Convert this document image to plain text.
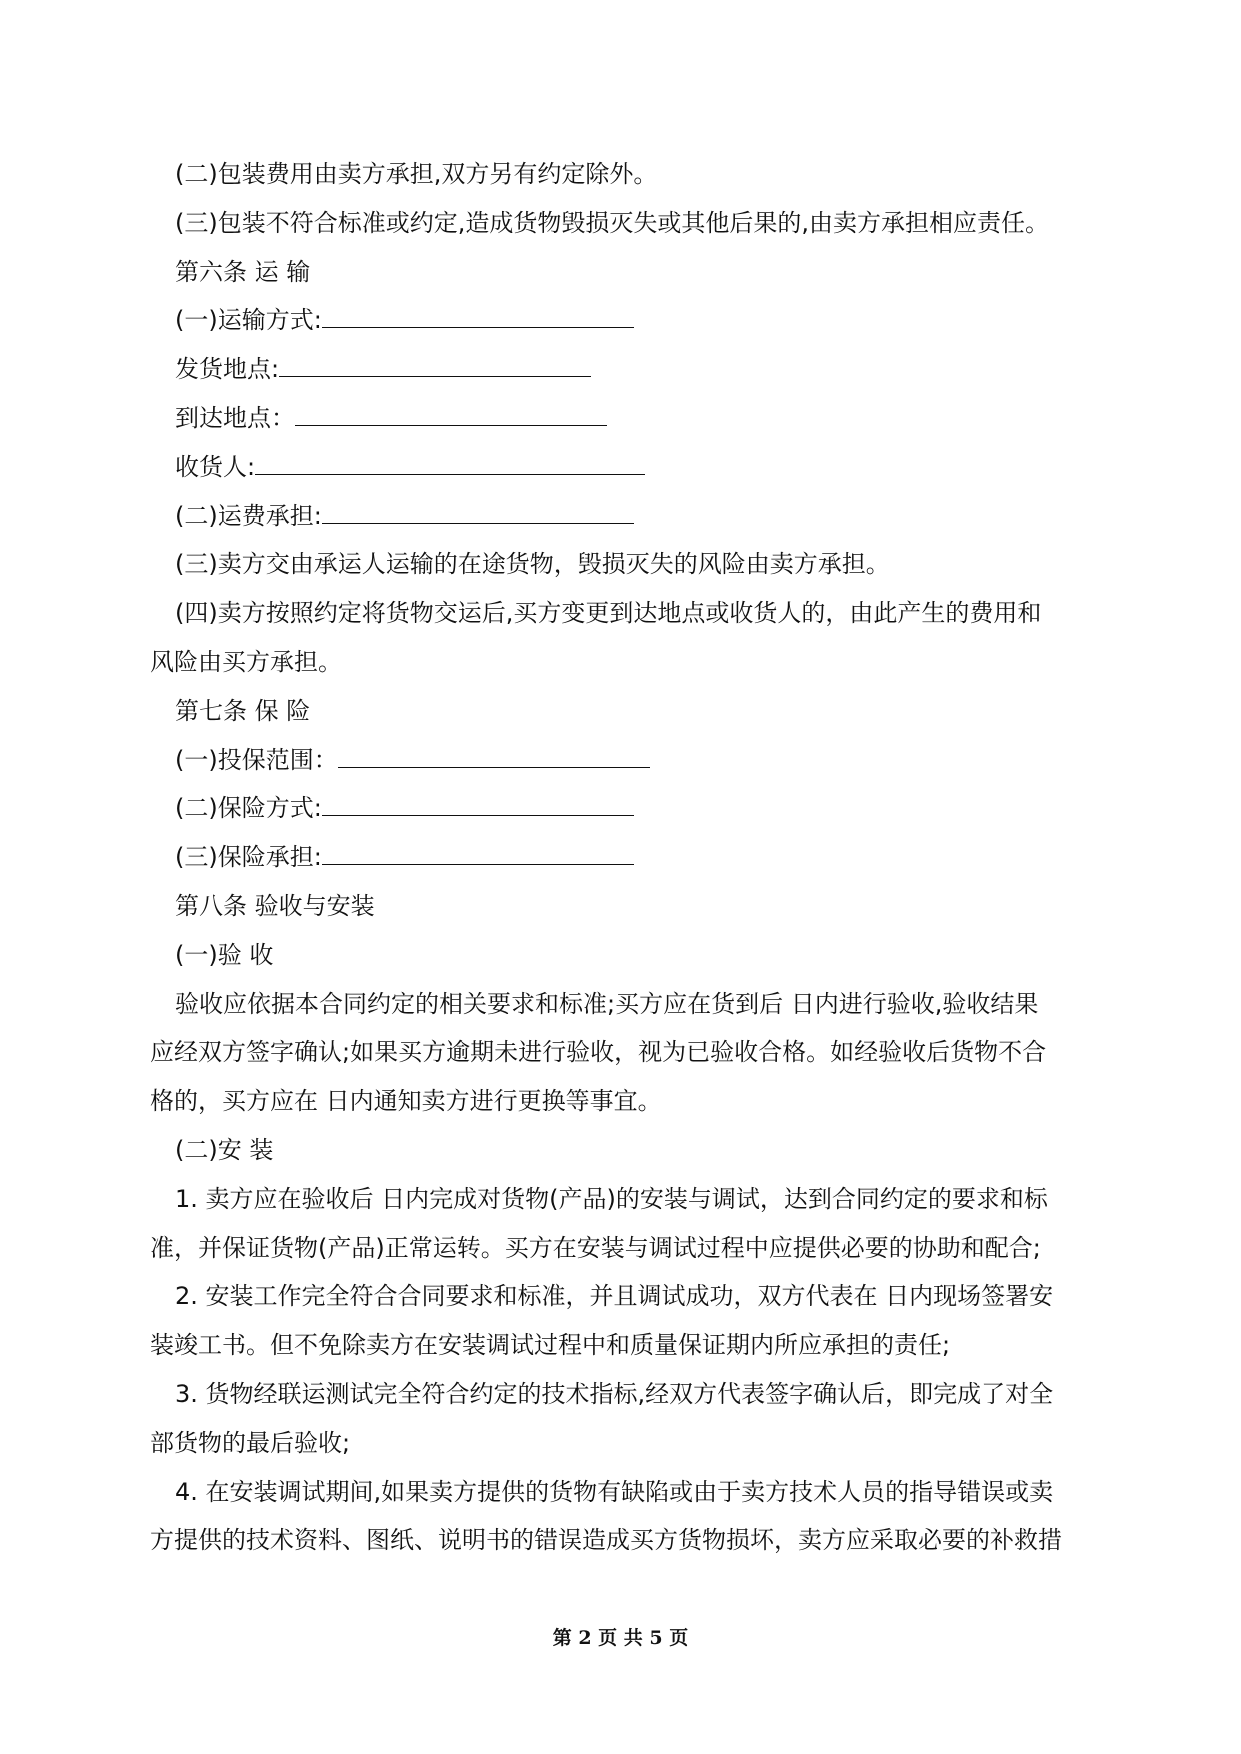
(二)包装费用由卖方承担,双方另有约定除外。
(三)包装不符合标准或约定,造成货物毁损灭失或其他后果的,由卖方承担相应责任。
第六条 运 输
(一)运输方式:
发货地点:
到达地点：
收货人:
(二)运费承担:
(三)卖方交由承运人运输的在途货物，毁损灭失的风险由卖方承担。
(四)卖方按照约定将货物交运后,买方变更到达地点或收货人的，由此产生的费用和
风险由买方承担。
第七条 保 险
(一)投保范围：
(二)保险方式:
(三)保险承担:
第八条 验收与安装
(一)验 收
验收应依据本合同约定的相关要求和标准;买方应在货到后 日内进行验收,验收结果
应经双方签字确认;如果买方逾期未进行验收，视为已验收合格。如经验收后货物不合
格的，买方应在 日内通知卖方进行更换等事宜。
(二)安 装
1. 卖方应在验收后 日内完成对货物(产品)的安装与调试，达到合同约定的要求和标
准，并保证货物(产品)正常运转。买方在安装与调试过程中应提供必要的协助和配合;
2. 安装工作完全符合合同要求和标准，并且调试成功，双方代表在 日内现场签署安
装竣工书。但不免除卖方在安装调试过程中和质量保证期内所应承担的责任;
3. 货物经联运测试完全符合约定的技术指标,经双方代表签字确认后，即完成了对全
部货物的最后验收;
4. 在安装调试期间,如果卖方提供的货物有缺陷或由于卖方技术人员的指导错误或卖
方提供的技术资料、图纸、说明书的错误造成买方货物损坏，卖方应采取必要的补救措
第 2 页 共 5 页
